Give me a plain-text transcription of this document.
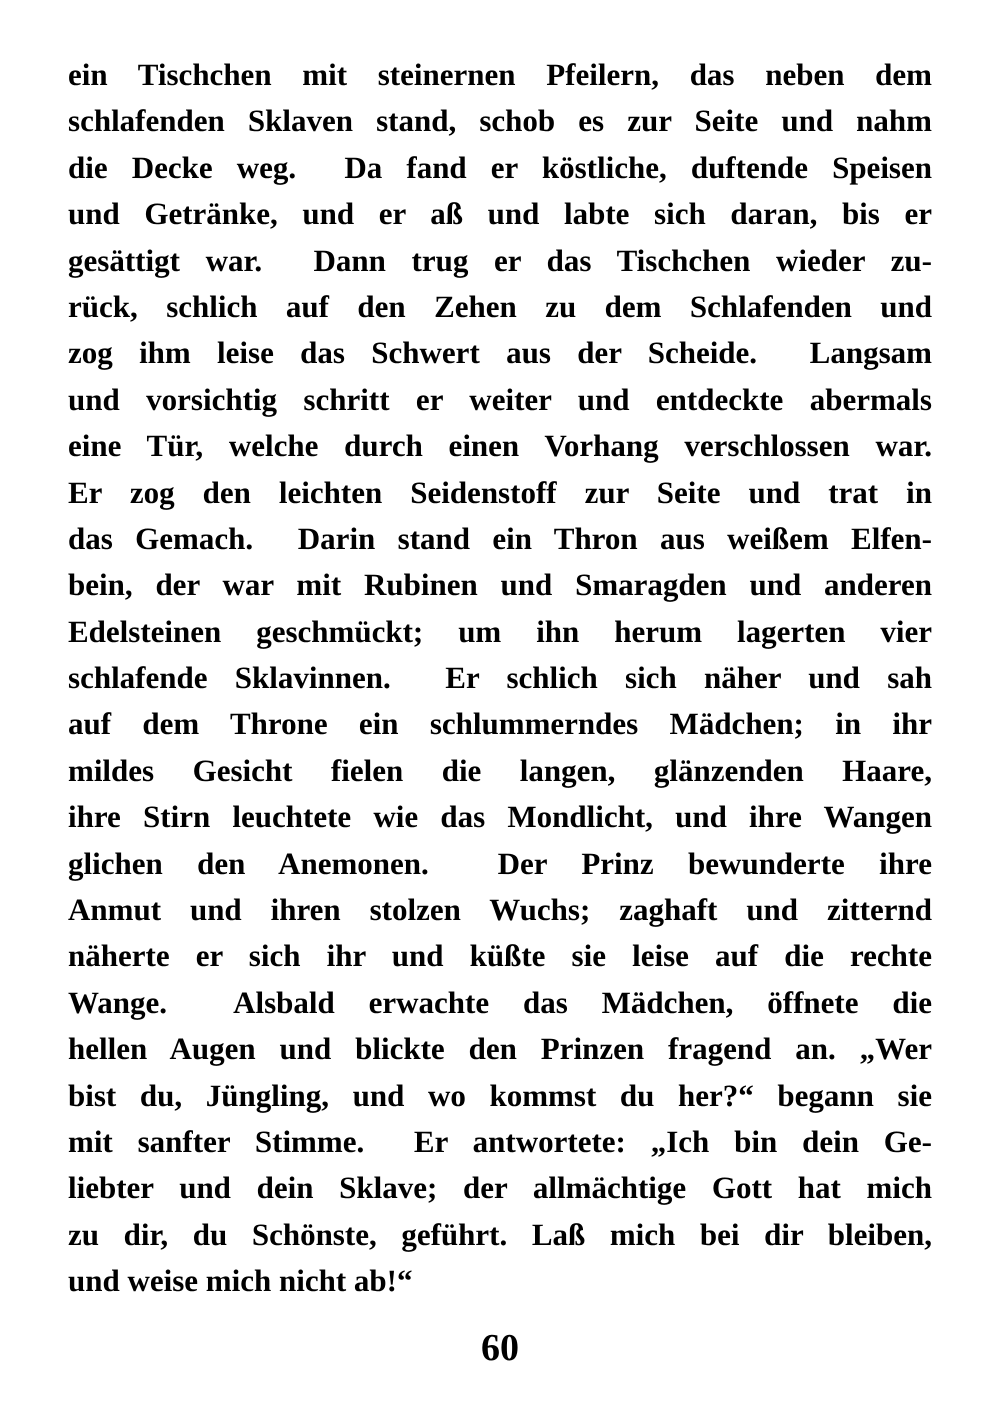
ein Tischchen mit steinernen Pfeilern, das neben dem
schlafenden Sklaven stand, schob es zur Seite und nahm
die Decke weg.  Da fand er köstliche, duftende Speisen
und Getränke, und er aß und labte sich daran, bis er
gesättigt war.  Dann trug er das Tischchen wieder zu-
rück, schlich auf den Zehen zu dem Schlafenden und
zog ihm leise das Schwert aus der Scheide.  Langsam
und vorsichtig schritt er weiter und entdeckte abermals
eine Tür, welche durch einen Vorhang verschlossen war.
Er zog den leichten Seidenstoff zur Seite und trat in
das Gemach.  Darin stand ein Thron aus weißem Elfen-
bein, der war mit Rubinen und Smaragden und anderen
Edelsteinen geschmückt; um ihn herum lagerten vier
schlafende Sklavinnen.  Er schlich sich näher und sah
auf dem Throne ein schlummerndes Mädchen; in ihr
mildes Gesicht fielen die langen, glänzenden Haare,
ihre Stirn leuchtete wie das Mondlicht, und ihre Wangen
glichen den Anemonen.  Der Prinz bewunderte ihre
Anmut und ihren stolzen Wuchs; zaghaft und zitternd
näherte er sich ihr und küßte sie leise auf die rechte
Wange.  Alsbald erwachte das Mädchen, öffnete die
hellen Augen und blickte den Prinzen fragend an. „Wer
bist du, Jüngling, und wo kommst du her?“ begann sie
mit sanfter Stimme.  Er antwortete: „Ich bin dein Ge-
liebter und dein Sklave; der allmächtige Gott hat mich
zu dir, du Schönste, geführt. Laß mich bei dir bleiben,
und weise mich nicht ab!“
60
